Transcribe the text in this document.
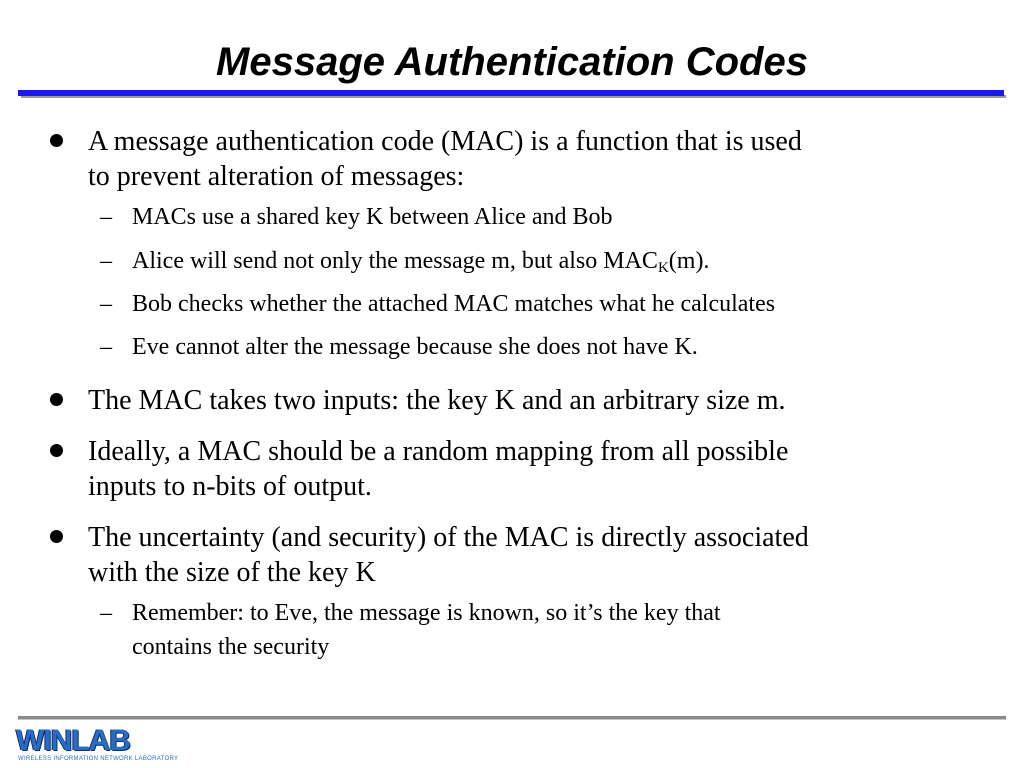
Message Authentication Codes
A message authentication code (MAC) is a function that is used
to prevent alteration of messages:
– MACs use a shared key K between Alice and Bob
– Alice will send not only the message m, but also $MAC_K(m)$.
– Bob checks whether the attached MAC matches what he calculates
– Eve cannot alter the message because she does not have K.
The MAC takes two inputs: the key K and an arbitrary size m.
Ideally, a MAC should be a random mapping from all possible
inputs to n-bits of output.
The uncertainty (and security) of the MAC is directly associated
with the size of the key K
– Remember: to Eve, the message is known, so it’s the key that
contains the security
WINLAB
WIRELESS INFORMATION NETWORK LABORATORY
